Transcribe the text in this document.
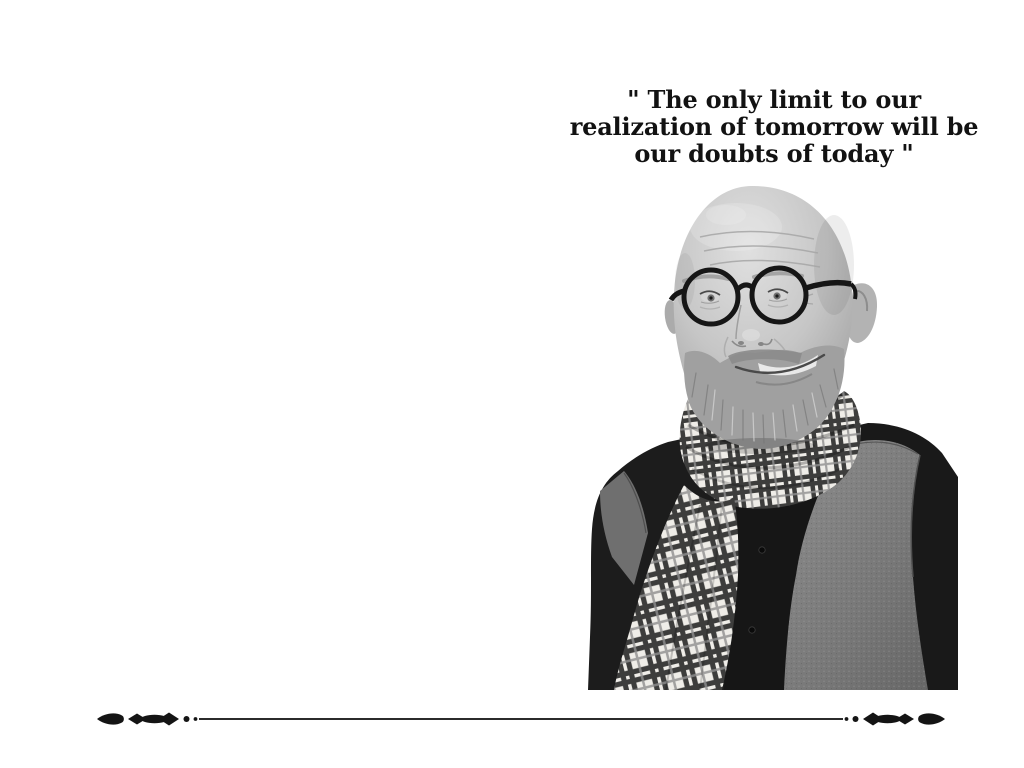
" The only limit to our
realization of tomorrow will be
our doubts of today "
